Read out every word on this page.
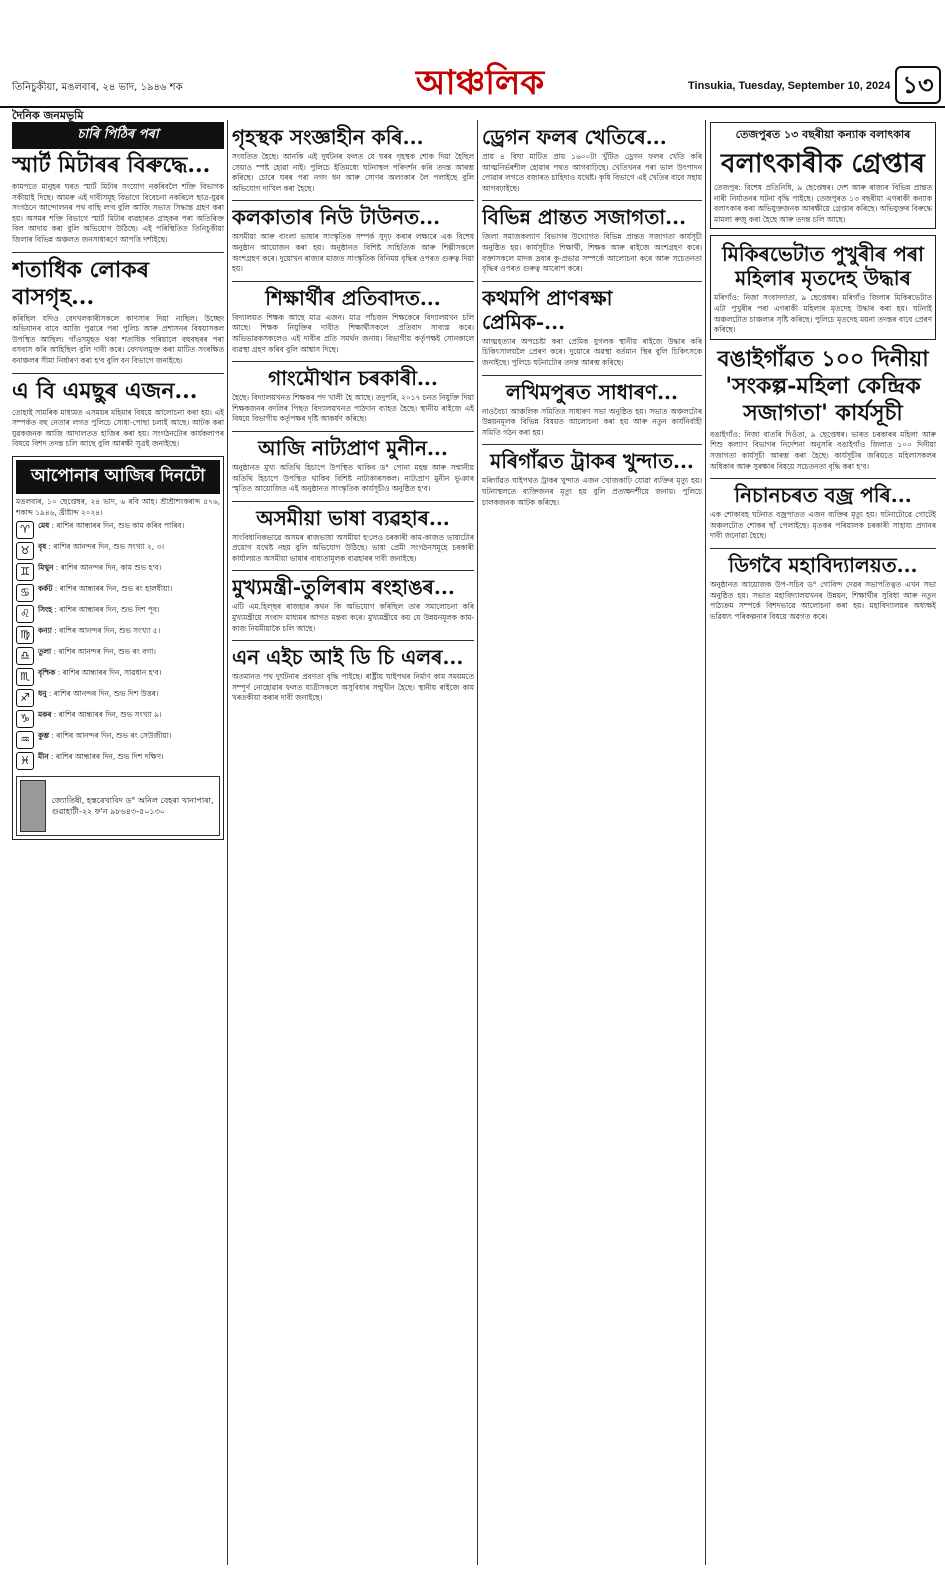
তিনিচুকীয়া, মঙলবাৰ, ২৪ ভাদ, ১৯৪৬ শক	আঞ্চলিক	Tinsukia, Tuesday, September 10, 2024 ১৩
দৈনিক জনমভূমি
চাৰি পিঠিৰ পৰা
স্মাৰ্ট মিটাৰৰ বিৰুদ্ধে...
কামপতে মানুহৰ ঘৰত স্মাৰ্ট মিটাৰ সংযোগ নকৰিবলৈ শক্তি বিভাগক সকীয়াই দিছে। আমৰু এই দাবীসমূহ বিভাগে বিবেচনা নকৰিলে ছাত্ৰ-যুৱৰ সংগঠনে আন্দোলনৰ পথ বাছি ল'ব বুলি আজি সভাত সিদ্ধান্ত গ্ৰহণ কৰা হয়। অসমৰ শক্তি বিভাগে স্মাৰ্ট মিটাৰ ব্যৱহাৰত গ্ৰাহকৰ পৰা অতিৰিক্ত বিল আদায় কৰা বুলি অভিযোগ উঠিছে। এই পৰিস্থিতিত তিনিচুকীয়া জিলাৰ বিভিন্ন অঞ্চলত জনসাধাৰণে আপত্তি দৰ্শাইছে।
শতাধিক লোকৰ বাসগৃহ...
কৰিছিল যদিও বেদখলকাৰীসকলে কাণসাৰ দিয়া নাছিল। উচ্ছেদ অভিযানৰ বাবে আজি পুৱাৰে পৰা পুলিচ আৰু প্ৰশাসনৰ বিষয়াসকল উপস্থিত আছিল। গাঁওসমূহত থকা শতাধিক পৰিয়ালে বহুবছৰৰ পৰা বসবাস কৰি আহিছিল বুলি দাবী কৰে। বেদখলমুক্ত কৰা মাটিত সংৰক্ষিত বনাঞ্চলৰ সীমা নিৰ্ধাৰণ কৰা হ'ব বুলি বন বিভাগে জনাইছে।
এ বি এমছুৰ এজন...
তোহাই সামৰিক মাধ্যমত এসময়ৰ মহিমাৰ বিষয়ে আলোচনা কৰা হয়। এই সম্পৰ্কত বহু নেতাৰ লগত পুলিচে সোধা-পোছা চলাই আছে। আটক কৰা যুৱকজনক আজি আদালতত হাজিৰ কৰা হয়। সংগঠনটোৰ কাৰ্যকলাপৰ বিষয়ে বিশদ তদন্ত চলি আছে বুলি আৰক্ষী সূত্ৰই জনাইছে।
আপোনাৰ আজিৰ দিনটো
মঙলবাৰ, ১০ ছেপ্তেম্বৰ, ২৪ ভাদ, ৬ ৰবি আহ। শ্ৰীশ্ৰীশংকৰাব্দ ৫৭৬, শকাব্দ ১৯৪৬, খ্ৰীষ্টাব্দ ২০২৪।
♈	মেষ : ৰাশিৰ আন্ধাৰৰ দিন, শুভ কাম কৰিব পাৰিব।
♉	বৃষ : ৰাশিৰ আনন্দৰ দিন, শুভ সংখ্যা ২, ৩।
♊	মিথুন : ৰাশিৰ আনন্দৰ দিন, কাম শুভ হ'ব।
♋	কৰ্কট : ৰাশিৰ আন্ধাৰৰ দিন, শুভ ৰং হালধীয়া।
♌	সিংহ : ৰাশিৰ আন্ধাৰৰ দিন, শুভ দিশ পূব।
♍	কন্যা : ৰাশিৰ আনন্দৰ দিন, শুভ সংখ্যা ৫।
♎	তুলা : ৰাশিৰ আনন্দৰ দিন, শুভ ৰং বগা।
♏	বৃশ্চিক : ৰাশিৰ আন্ধাৰৰ দিন, সাৱধান হ'ব।
♐	ধনু : ৰাশিৰ আনন্দৰ দিন, শুভ দিশ উত্তৰ।
♑	মকৰ : ৰাশিৰ আন্ধাৰৰ দিন, শুভ সংখ্যা ৯।
♒	কুম্ভ : ৰাশিৰ আনন্দৰ দিন, শুভ ৰং সেউজীয়া।
♓	মীন : ৰাশিৰ আন্ধাৰৰ দিন, শুভ দিশ দক্ষিণ।
জ্যোতিষী, হস্তৰেখাবিদ ড° অনিল বেহৰা খানাপাৰা, গুৱাহাটী-২২ ফ'ন ৯৮৬৪৩-৫০১৩০
গৃহস্থক সংজ্ঞাহীন কৰি...
সংযতিত হৈছে। আনকি এই দুৰ্ঘটনৰ ফলত যে ঘৰৰ গৃহস্থক শোক দিয়া হৈছিল সেয়াও স্পষ্ট হোৱা নাই। পুলিচে ইতিমধ্যে ঘটনাস্থল পৰিদৰ্শন কৰি তদন্ত আৰম্ভ কৰিছে। চোৰে ঘৰৰ পৰা নগদ ধন আৰু সোণৰ অলংকাৰ লৈ পলাইছে বুলি অভিযোগ দাখিল কৰা হৈছে।
কলকাতাৰ নিউ টাউনত...
অসমীয়া আৰু বাংলা ভাষাৰ সাংস্কৃতিক সম্পৰ্ক সুদৃঢ় কৰাৰ লক্ষ্যৰে এক বিশেষ অনুষ্ঠান আয়োজন কৰা হয়। অনুষ্ঠানত বিশিষ্ট সাহিত্যিক আৰু শিল্পীসকলে অংশগ্ৰহণ কৰে। দুয়োখন ৰাজ্যৰ মাজত সাংস্কৃতিক বিনিময় বৃদ্ধিৰ ওপৰত গুৰুত্ব দিয়া হয়।
শিক্ষাৰ্থীৰ প্ৰতিবাদত...
বিদ্যালয়ত শিক্ষক আছে মাত্ৰ এজন। মাত্ৰ পাঁচজন শিক্ষকেৰে বিদ্যালয়খন চলি আছে। শিক্ষক নিযুক্তিৰ দাবীত শিক্ষাৰ্থীসকলে প্ৰতিবাদ সাব্যস্ত কৰে। অভিভাৱকসকলেও এই দাবীৰ প্ৰতি সমৰ্থন জনায়। বিভাগীয় কৰ্তৃপক্ষই সোনকালে ব্যৱস্থা গ্ৰহণ কৰিব বুলি আশ্বাস দিছে।
গাংমৌথান চৰকাৰী...
হৈছে। বিদ্যালয়খনত শিক্ষকৰ পদ খালী হৈ আছে। তদুপৰি, ২০১৭ চনত নিযুক্তি দিয়া শিক্ষকজনৰ বদলিৰ পিছত বিদ্যালয়খনত পাঠদান ব্যাহত হৈছে। স্থানীয় ৰাইজে এই বিষয়ে বিভাগীয় কৰ্তৃপক্ষৰ দৃষ্টি আকৰ্ষণ কৰিছে।
আজি নাট্যপ্ৰাণ মুনীন...
অনুষ্ঠানত মুখ্য অতিথি হিচাপে উপস্থিত থাকিব ড° পোনা মহন্ত আৰু সন্মানীয় অতিথি হিচাপে উপস্থিত থাকিব বিশিষ্ট নাট্যকাৰসকল। নাট্যপ্ৰাণ মুনীন ভূঞাৰ স্মৃতিত আয়োজিত এই অনুষ্ঠানত সাংস্কৃতিক কাৰ্যসূচীও অনুষ্ঠিত হ'ব।
অসমীয়া ভাষা ব্যৱহাৰ...
সাংবিধানিকভাৱে অসমৰ ৰাজভাষা অসমীয়া হ'লেও চৰকাৰী কাম-কাজত ভাষাটোৰ প্ৰয়োগ যথেষ্ট নহয় বুলি অভিযোগ উঠিছে। ভাষা প্ৰেমী সংগঠনসমূহে চৰকাৰী কাৰ্যালয়ত অসমীয়া ভাষাৰ বাধ্যতামূলক ব্যৱহাৰৰ দাবী জনাইছে।
মুখ্যমন্ত্ৰী-তুলিৰাম ৰংহাঙৰ...
এটি এম.হিল্ছৰ ৰাজহাৰ কথন কি অভিযোগ কৰিছিল তাৰ সমালোচনা কৰি মুখ্যমন্ত্ৰীয়ে সংবাদ মাধ্যমৰ আগত মন্তব্য কৰে। মুখ্যমন্ত্ৰীয়ে কয় যে উন্নয়নমূলক কাম-কাজ নিয়মীয়াকৈ চলি আছে।
এন এইচ আই ডি চি এলৰ...
অতমানত পথ দুৰ্ঘটনাৰ প্ৰবণতা বৃদ্ধি পাইছে। ৰাষ্ট্ৰীয় ঘাইপথৰ নিৰ্মাণ কাম সময়মতে সম্পূৰ্ণ নোহোৱাৰ ফলত যাত্ৰীসকলে অসুবিধাৰ সন্মুখীন হৈছে। স্থানীয় ৰাইজে কাম খৰতকীয়া কৰাৰ দাবী জনাইছে।
ড্ৰেগন ফলৰ খেতিৰে...
প্ৰায় ৪ বিঘা মাটিত প্ৰায় ১৬০০টা খুঁটিত ড্ৰেগন ফলৰ খেতি কৰি আত্মনিৰ্ভৰশীল হোৱাৰ পথত আগবাঢ়িছে। খেতিখনৰ পৰা ভাল উৎপাদন পোৱাৰ লগতে বজাৰত চাহিদাও যথেষ্ট। কৃষি বিভাগে এই খেতিৰ বাবে সহায় আগবঢ়াইছে।
বিভিন্ন প্ৰান্তত সজাগতা...
জিলা সমাজকল্যাণ বিভাগৰ উদ্যোগত বিভিন্ন প্ৰান্তত সজাগতা কাৰ্যসূচী অনুষ্ঠিত হয়। কাৰ্যসূচীত শিক্ষাৰ্থী, শিক্ষক আৰু ৰাইজে অংশগ্ৰহণ কৰে। বক্তাসকলে মাদক দ্ৰব্যৰ কু-প্ৰভাৱ সম্পৰ্কে আলোচনা কৰে আৰু সচেতনতা বৃদ্ধিৰ ওপৰত গুৰুত্ব আৰোপ কৰে।
কথমপি প্ৰাণৰক্ষা প্ৰেমিক-...
আত্মহত্যাৰ অপচেষ্টা কৰা প্ৰেমিক যুগলক স্থানীয় ৰাইজে উদ্ধাৰ কৰি চিকিৎসালয়লৈ প্ৰেৰণ কৰে। দুয়োৰে অৱস্থা বৰ্তমান স্থিৰ বুলি চিকিৎসকে জনাইছে। পুলিচে ঘটনাটোৰ তদন্ত আৰম্ভ কৰিছে।
লখিমপুৰত সাধাৰণ...
নাওবৈচা আঞ্চলিক সমিতিত সাধাৰণ সভা অনুষ্ঠিত হয়। সভাত অঞ্চলটোৰ উন্নয়নমূলক বিভিন্ন বিষয়ত আলোচনা কৰা হয় আৰু নতুন কাৰ্যনিৰ্বাহী সমিতি গঠন কৰা হয়।
মৰিগাঁৱত ট্ৰাকৰ খুন্দাত...
মৰিগাঁৱত ঘাইপথত ট্ৰাকৰ খুন্দাত এজন খোজকাঢ়ি যোৱা ব্যক্তিৰ মৃত্যু হয়। ঘটনাস্থলতে ব্যক্তিজনৰ মৃত্যু হয় বুলি প্ৰত্যক্ষদৰ্শীয়ে জনায়। পুলিচে চালকজনক আটক কৰিছে।
তেজপুৰত ১৩ বছৰীয়া কন্যাক বলাৎকাৰ
বলাৎকাৰীক গ্ৰেপ্তাৰ
তেজপুৰ: বিশেষ প্ৰতিনিধি, ৯ ছেপ্তেম্বৰ। দেশ আৰু ৰাজ্যৰ বিভিন্ন প্ৰান্তত নাৰী নিৰ্যাতনৰ ঘটনা বৃদ্ধি পাইছে। তেজপুৰত ১৩ বছৰীয়া এগৰাকী কন্যাক বলাৎকাৰ কৰা অভিযুক্তজনক আৰক্ষীয়ে গ্ৰেপ্তাৰ কৰিছে। অভিযুক্তৰ বিৰুদ্ধে মামলা ৰুজু কৰা হৈছে আৰু তদন্ত চলি আছে।
মিকিৰভেটাত পুখুৰীৰ পৰা মহিলাৰ মৃতদেহ উদ্ধাৰ
মৰিগাঁও: নিজা সংবাদদাতা, ৯ ছেপ্তেম্বৰ। মৰিগাঁও জিলাৰ মিকিৰভেটাত এটা পুখুৰীৰ পৰা এগৰাকী মহিলাৰ মৃতদেহ উদ্ধাৰ কৰা হয়। ঘটনাই অঞ্চলটোত চাঞ্চল্যৰ সৃষ্টি কৰিছে। পুলিচে মৃতদেহ ময়না তদন্তৰ বাবে প্ৰেৰণ কৰিছে।
বঙাইগাঁৱত ১০০ দিনীয়া 'সংকল্প-মহিলা কেন্দ্ৰিক সজাগতা' কাৰ্যসূচী
বঙাইগাঁও: নিজা বাতৰি দিওঁতা, ৯ ছেপ্তেম্বৰ। ভাৰত চৰকাৰৰ মহিলা আৰু শিশু কল্যাণ বিভাগৰ নিৰ্দেশনা অনুসৰি বঙাইগাঁও জিলাত ১০০ দিনীয়া সজাগতা কাৰ্যসূচী আৰম্ভ কৰা হৈছে। কাৰ্যসূচীৰ জৰিয়তে মহিলাসকলৰ অধিকাৰ আৰু সুৰক্ষাৰ বিষয়ে সচেতনতা বৃদ্ধি কৰা হ'ব।
নিচানচৰত বজ্ৰ পৰি...
এক শোকাবহ ঘটনাত বজ্ৰপাতত এজন ব্যক্তিৰ মৃত্যু হয়। ঘটনাটোৱে গোটেই অঞ্চলটোত শোকৰ ছাঁ পেলাইছে। মৃতকৰ পৰিয়ালক চৰকাৰী সাহায্য প্ৰদানৰ দাবী জনোৱা হৈছে।
ডিগবৈ মহাবিদ্যালয়ত...
অনুষ্ঠানত আয়োজক উপ-সচিব ড° গোবিন্দ দেৱৰ সভাপতিত্বত এখন সভা অনুষ্ঠিত হয়। সভাত মহাবিদ্যালয়খনৰ উন্নয়ন, শিক্ষাৰ্থীৰ সুবিধা আৰু নতুন পাঠ্যক্ৰম সম্পৰ্কে বিশদভাৱে আলোচনা কৰা হয়। মহাবিদ্যালয়ৰ অধ্যক্ষই ভৱিষ্যৎ পৰিকল্পনাৰ বিষয়ে অৱগত কৰে।
